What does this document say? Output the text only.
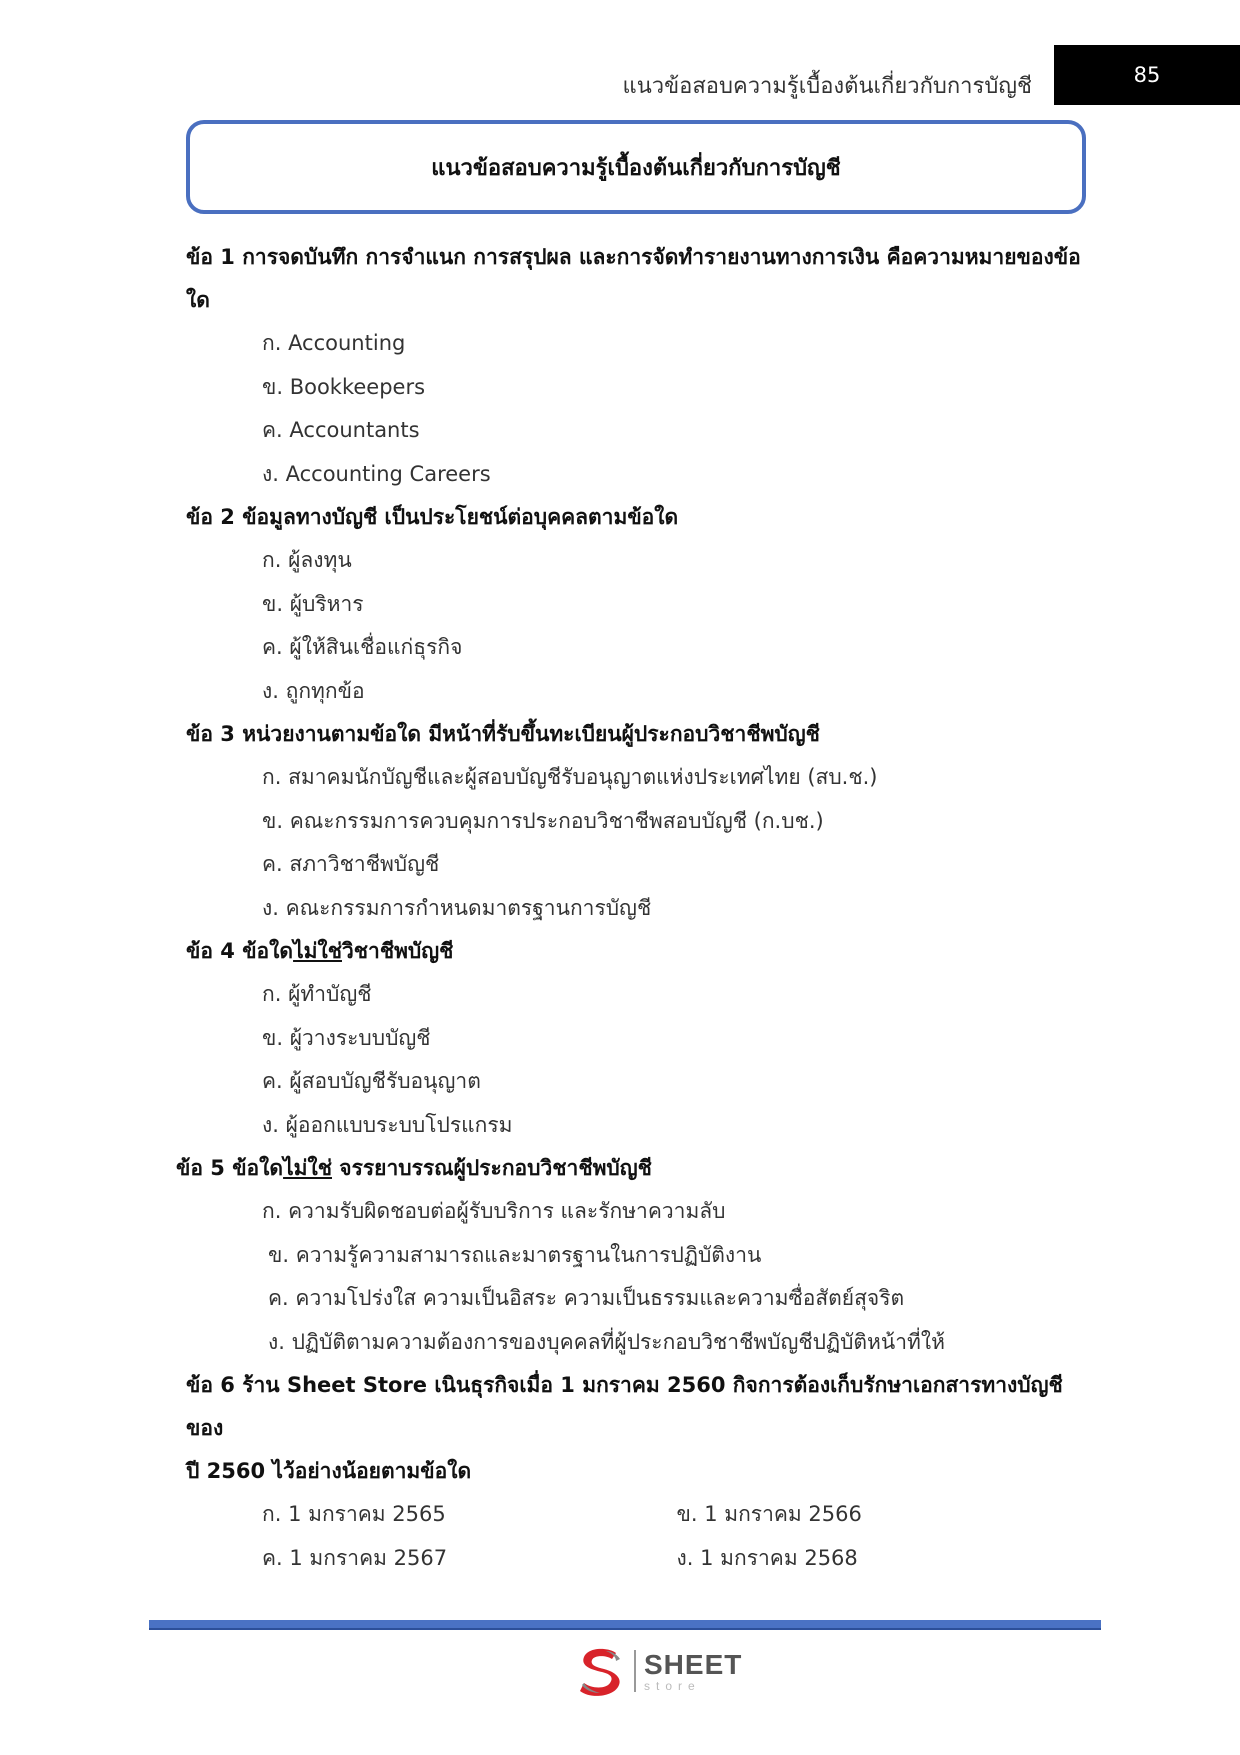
แนวข้อสอบความรู้เบื้องต้นเกี่ยวกับการบัญชี	85
แนวข้อสอบความรู้เบื้องต้นเกี่ยวกับการบัญชี
ข้อ 1 การจดบันทึก การจำแนก การสรุปผล และการจัดทำรายงานทางการเงิน คือความหมายของข้อ
ใด
ก. Accounting
ข. Bookkeepers
ค. Accountants
ง. Accounting Careers
ข้อ 2 ข้อมูลทางบัญชี เป็นประโยชน์ต่อบุคคลตามข้อใด
ก. ผู้ลงทุน
ข. ผู้บริหาร
ค. ผู้ให้สินเชื่อแก่ธุรกิจ
ง. ถูกทุกข้อ
ข้อ 3 หน่วยงานตามข้อใด มีหน้าที่รับขึ้นทะเบียนผู้ประกอบวิชาชีพบัญชี
ก. สมาคมนักบัญชีและผู้สอบบัญชีรับอนุญาตแห่งประเทศไทย (สบ.ช.)
ข. คณะกรรมการควบคุมการประกอบวิชาชีพสอบบัญชี (ก.บช.)
ค. สภาวิชาชีพบัญชี
ง. คณะกรรมการกำหนดมาตรฐานการบัญชี
ข้อ 4 ข้อใดไม่ใช่วิชาชีพบัญชี
ก. ผู้ทำบัญชี
ข. ผู้วางระบบบัญชี
ค. ผู้สอบบัญชีรับอนุญาต
ง. ผู้ออกแบบระบบโปรแกรม
ข้อ 5 ข้อใดไม่ใช่ จรรยาบรรณผู้ประกอบวิชาชีพบัญชี
ก. ความรับผิดชอบต่อผู้รับบริการ และรักษาความลับ
ข. ความรู้ความสามารถและมาตรฐานในการปฏิบัติงาน
ค. ความโปร่งใส ความเป็นอิสระ ความเป็นธรรมและความซื่อสัตย์สุจริต
ง. ปฏิบัติตามความต้องการของบุคคลที่ผู้ประกอบวิชาชีพบัญชีปฏิบัติหน้าที่ให้
ข้อ 6 ร้าน Sheet Store เนินธุรกิจเมื่อ 1 มกราคม 2560 กิจการต้องเก็บรักษาเอกสารทางบัญชีของ
ปี 2560 ไว้อย่างน้อยตามข้อใด
ก. 1 มกราคม 2565	ข. 1 มกราคม 2566
ค. 1 มกราคม 2567	ง. 1 มกราคม 2568
SHEET
store
